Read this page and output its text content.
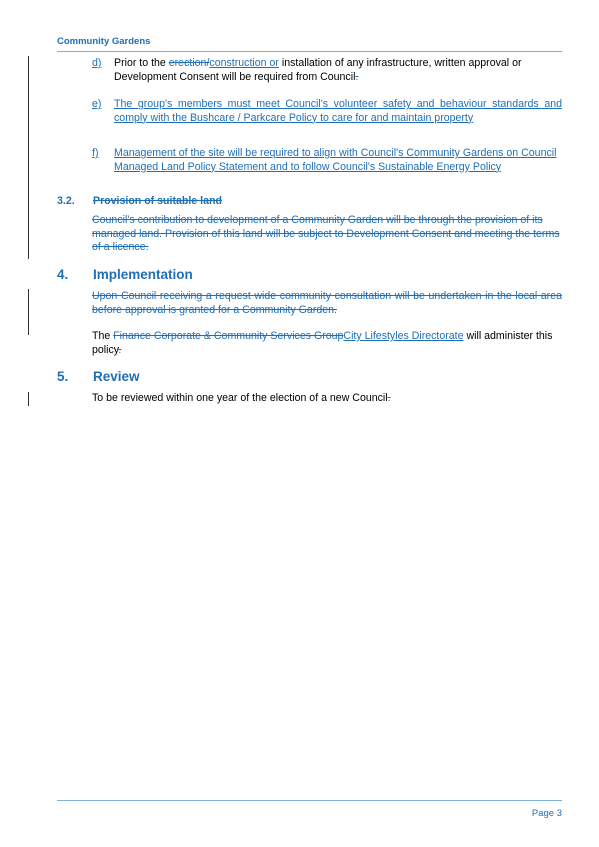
Community Gardens
d) Prior to the erection/construction or installation of any infrastructure, written approval or Development Consent will be required from Council.
e) The group's members must meet Council's volunteer safety and behaviour standards and comply with the Bushcare / Parkcare Policy to care for and maintain property
f) Management of the site will be required to align with Council's Community Gardens on Council Managed Land Policy Statement and to follow Council's Sustainable Energy Policy
3.2. Provision of suitable land
Council's contribution to development of a Community Garden will be through the provision of its managed land. Provision of this land will be subject to Development Consent and meeting the terms of a licence.
4. Implementation
Upon Council receiving a request wide community consultation will be undertaken in the local area before approval is granted for a Community Garden.
The Finance Corporate & Community Services GroupCity Lifestyles Directorate will administer this policy.
5. Review
To be reviewed within one year of the election of a new Council.
Page 3
